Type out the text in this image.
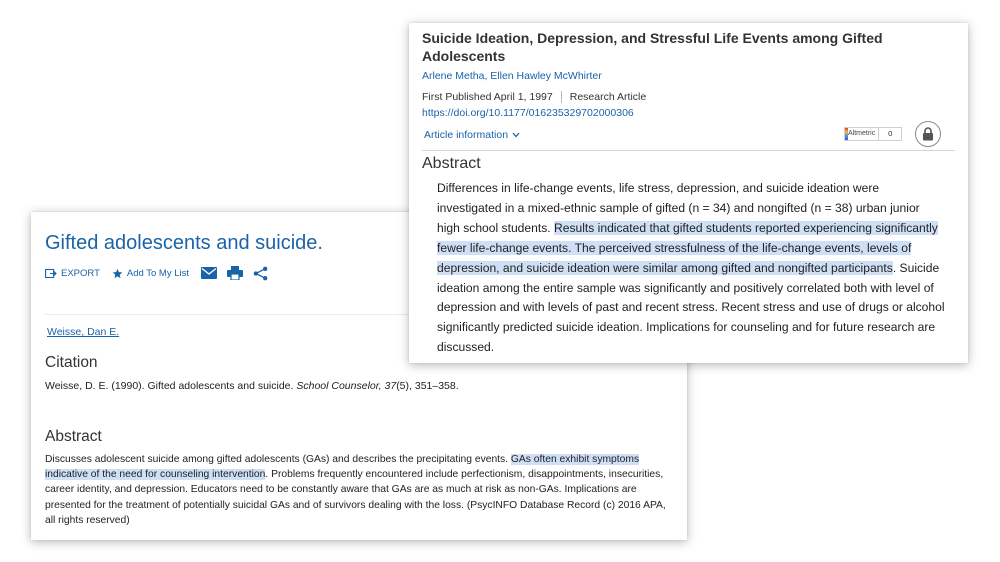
Gifted adolescents and suicide.
EXPORT	Add To My List
Weisse, Dan E.
Citation
Weisse, D. E. (1990). Gifted adolescents and suicide. School Counselor, 37(5), 351–358.
Abstract
Discusses adolescent suicide among gifted adolescents (GAs) and describes the precipitating events. GAs often exhibit symptoms indicative of the need for counseling intervention. Problems frequently encountered include perfectionism, disappointments, insecurities, career identity, and depression. Educators need to be constantly aware that GAs are as much at risk as non-GAs. Implications are presented for the treatment of potentially suicidal GAs and of survivors dealing with the loss. (PsycINFO Database Record (c) 2016 APA, all rights reserved)
Suicide Ideation, Depression, and Stressful Life Events among Gifted Adolescents
Arlene Metha, Ellen Hawley McWhirter
First Published April 1, 1997 Research Article
https://doi.org/10.1177/016235329702000306
Article information	Altmetric	0
Abstract
Differences in life-change events, life stress, depression, and suicide ideation were investigated in a mixed-ethnic sample of gifted (n = 34) and nongifted (n = 38) urban junior high school students. Results indicated that gifted students reported experiencing significantly fewer life-change events. The perceived stressfulness of the life-change events, levels of depression, and suicide ideation were similar among gifted and nongifted participants. Suicide ideation among the entire sample was significantly and positively correlated both with level of depression and with levels of past and recent stress. Recent stress and use of drugs or alcohol significantly predicted suicide ideation. Implications for counseling and for future research are discussed.
